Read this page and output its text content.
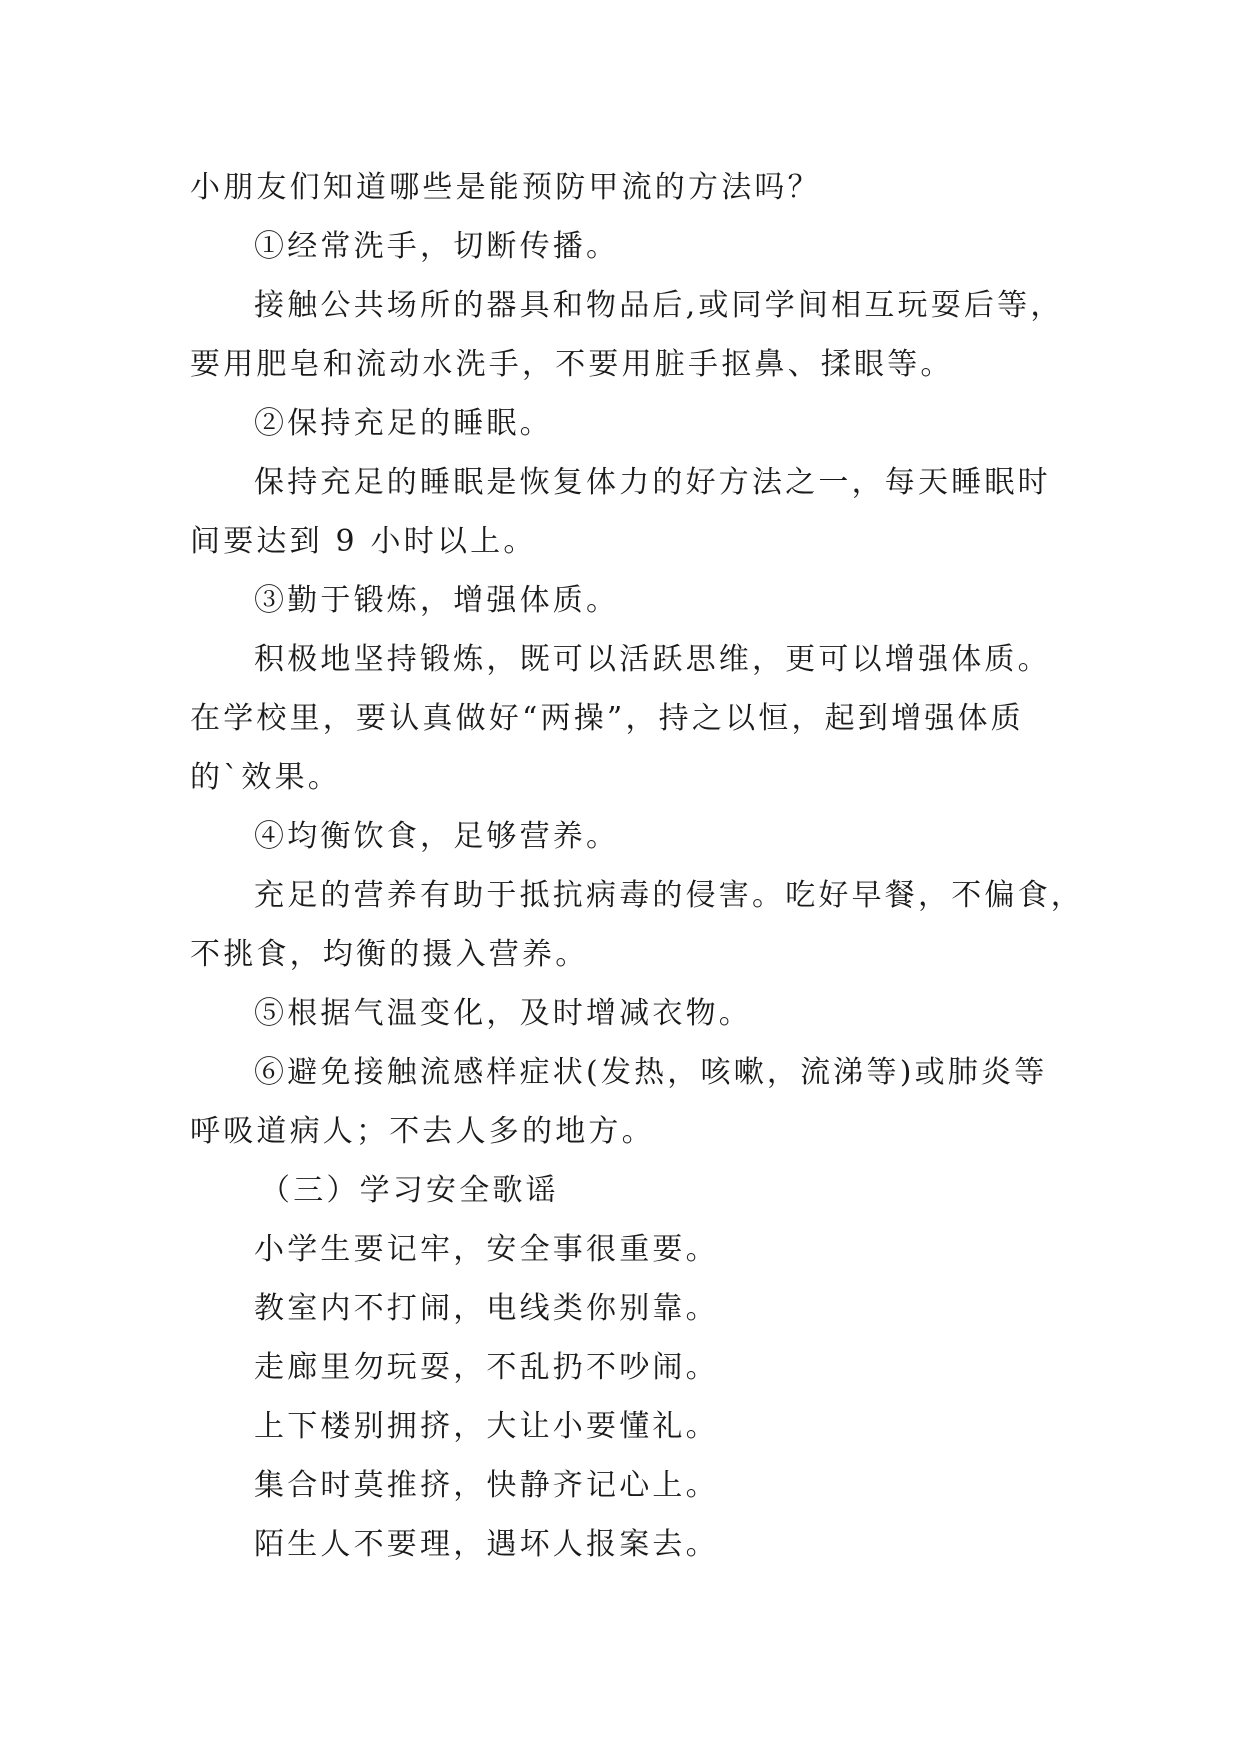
小朋友们知道哪些是能预防甲流的方法吗？
①经常洗手，切断传播。
接触公共场所的器具和物品后,或同学间相互玩耍后等，
要用肥皂和流动水洗手，不要用脏手抠鼻、揉眼等。
②保持充足的睡眠。
保持充足的睡眠是恢复体力的好方法之一，每天睡眠时
间要达到 9 小时以上。
③勤于锻炼，增强体质。
积极地坚持锻炼，既可以活跃思维，更可以增强体质。
在学校里，要认真做好“两操”，持之以恒，起到增强体质
的`效果。
④均衡饮食，足够营养。
充足的营养有助于抵抗病毒的侵害。吃好早餐，不偏食，
不挑食，均衡的摄入营养。
⑤根据气温变化，及时增减衣物。
⑥避免接触流感样症状(发热，咳嗽，流涕等)或肺炎等
呼吸道病人；不去人多的地方。
（三）学习安全歌谣
小学生要记牢，安全事很重要。
教室内不打闹，电线类你别靠。
走廊里勿玩耍，不乱扔不吵闹。
上下楼别拥挤，大让小要懂礼。
集合时莫推挤，快静齐记心上。
陌生人不要理，遇坏人报案去。
